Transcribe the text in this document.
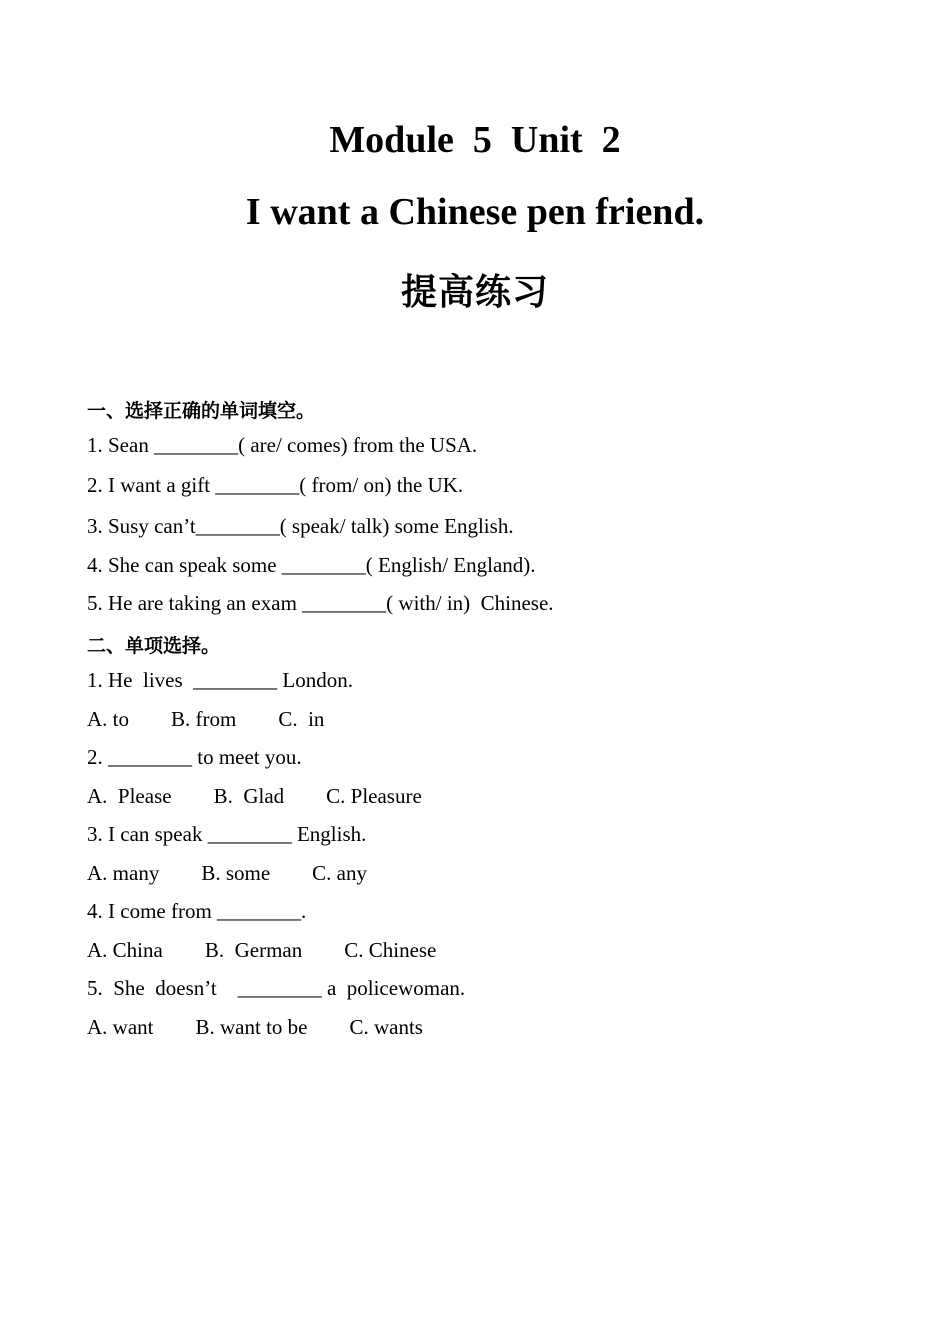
Module  5  Unit  2
I want a Chinese pen friend.
提高练习

一、选择正确的单词填空。

1. Sean ________( are/ comes) from the USA.

2. I want a gift ________( from/ on) the UK.

3. Susy can’t________( speak/ talk) some English.

4. She can speak some ________( English/ England).

5. He are taking an exam ________( with/ in)  Chinese.

二、单项选择。

1. He  lives  ________ London.

A. to        B. from        C.  in

2. ________ to meet you.

A.  Please        B.  Glad        C. Pleasure

3. I can speak ________ English.

A. many        B. some        C. any

4. I come from ________.

A. China        B.  German        C. Chinese

5.  She  doesn’t    ________ a  policewoman.

A. want        B. want to be        C. wants
